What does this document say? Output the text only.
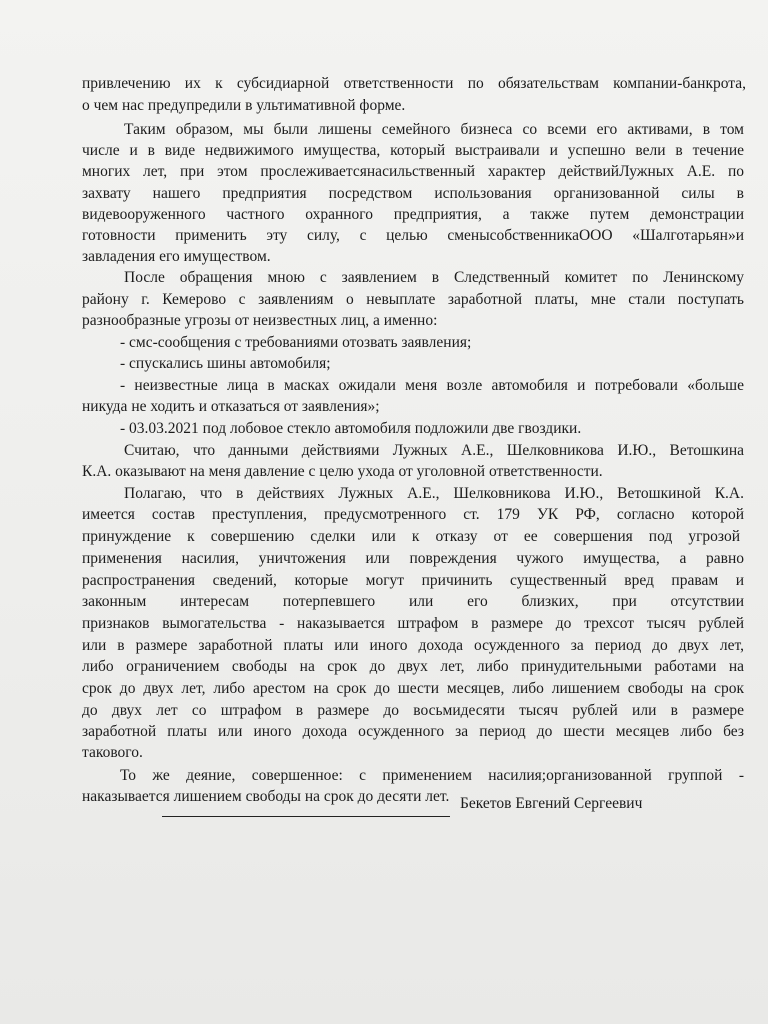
привлечению их к субсидиарной ответственности по обязательствам компании-банкрота,

о чем нас предупредили в ультимативной форме.

Таким образом, мы были лишены семейного бизнеса со всеми его активами, в том

числе и в виде недвижимого имущества, который выстраивали и успешно вели в течение

многих лет, при этом прослеживаетсянасильственный характер действийЛужных А.Е. по

захвату нашего предприятия посредством использования организованной силы в

видевооруженного частного охранного предприятия, а также путем демонстрации

готовности применить эту силу, с целью сменысобственникаООО «Шалготарьян»и

завладения его имуществом.

После обращения мною с заявлением в Следственный комитет по Ленинскому

району г. Кемерово с заявлениям о невыплате заработной платы, мне стали поступать

разнообразные угрозы от неизвестных лиц, а именно:

- смс-сообщения с требованиями отозвать заявления;

- спускались шины автомобиля;

- неизвестные лица в масках ожидали меня возле автомобиля и потребовали «больше

никуда не ходить и отказаться от заявления»;

- 03.03.2021 под лобовое стекло автомобиля подложили две гвоздики.

Считаю, что данными действиями Лужных А.Е., Шелковникова И.Ю., Ветошкина

К.А. оказывают на меня давление с целю ухода от уголовной ответственности.

Полагаю, что в действиях Лужных А.Е., Шелковникова И.Ю., Ветошкиной К.А.

имеется состав преступления, предусмотренного ст. 179 УК РФ, согласно которой

принуждение к совершению сделки или к отказу от ее совершения под угрозой

применения насилия, уничтожения или повреждения чужого имущества, а равно

распространения сведений, которые могут причинить существенный вред правам и

законным интересам потерпевшего или его близких, при отсутствии

признаков вымогательства - наказывается штрафом в размере до трехсот тысяч рублей

или в размере заработной платы или иного дохода осужденного за период до двух лет,

либо ограничением свободы на срок до двух лет, либо принудительными работами на

срок до двух лет, либо арестом на срок до шести месяцев, либо лишением свободы на срок

до двух лет со штрафом в размере до восьмидесяти тысяч рублей или в размере

заработной платы или иного дохода осужденного за период до шести месяцев либо без

такового.

То же деяние, совершенное: с применением насилия;организованной группой -

наказывается лишением свободы на срок до десяти лет. Бекетов Евгений Сергеевич
